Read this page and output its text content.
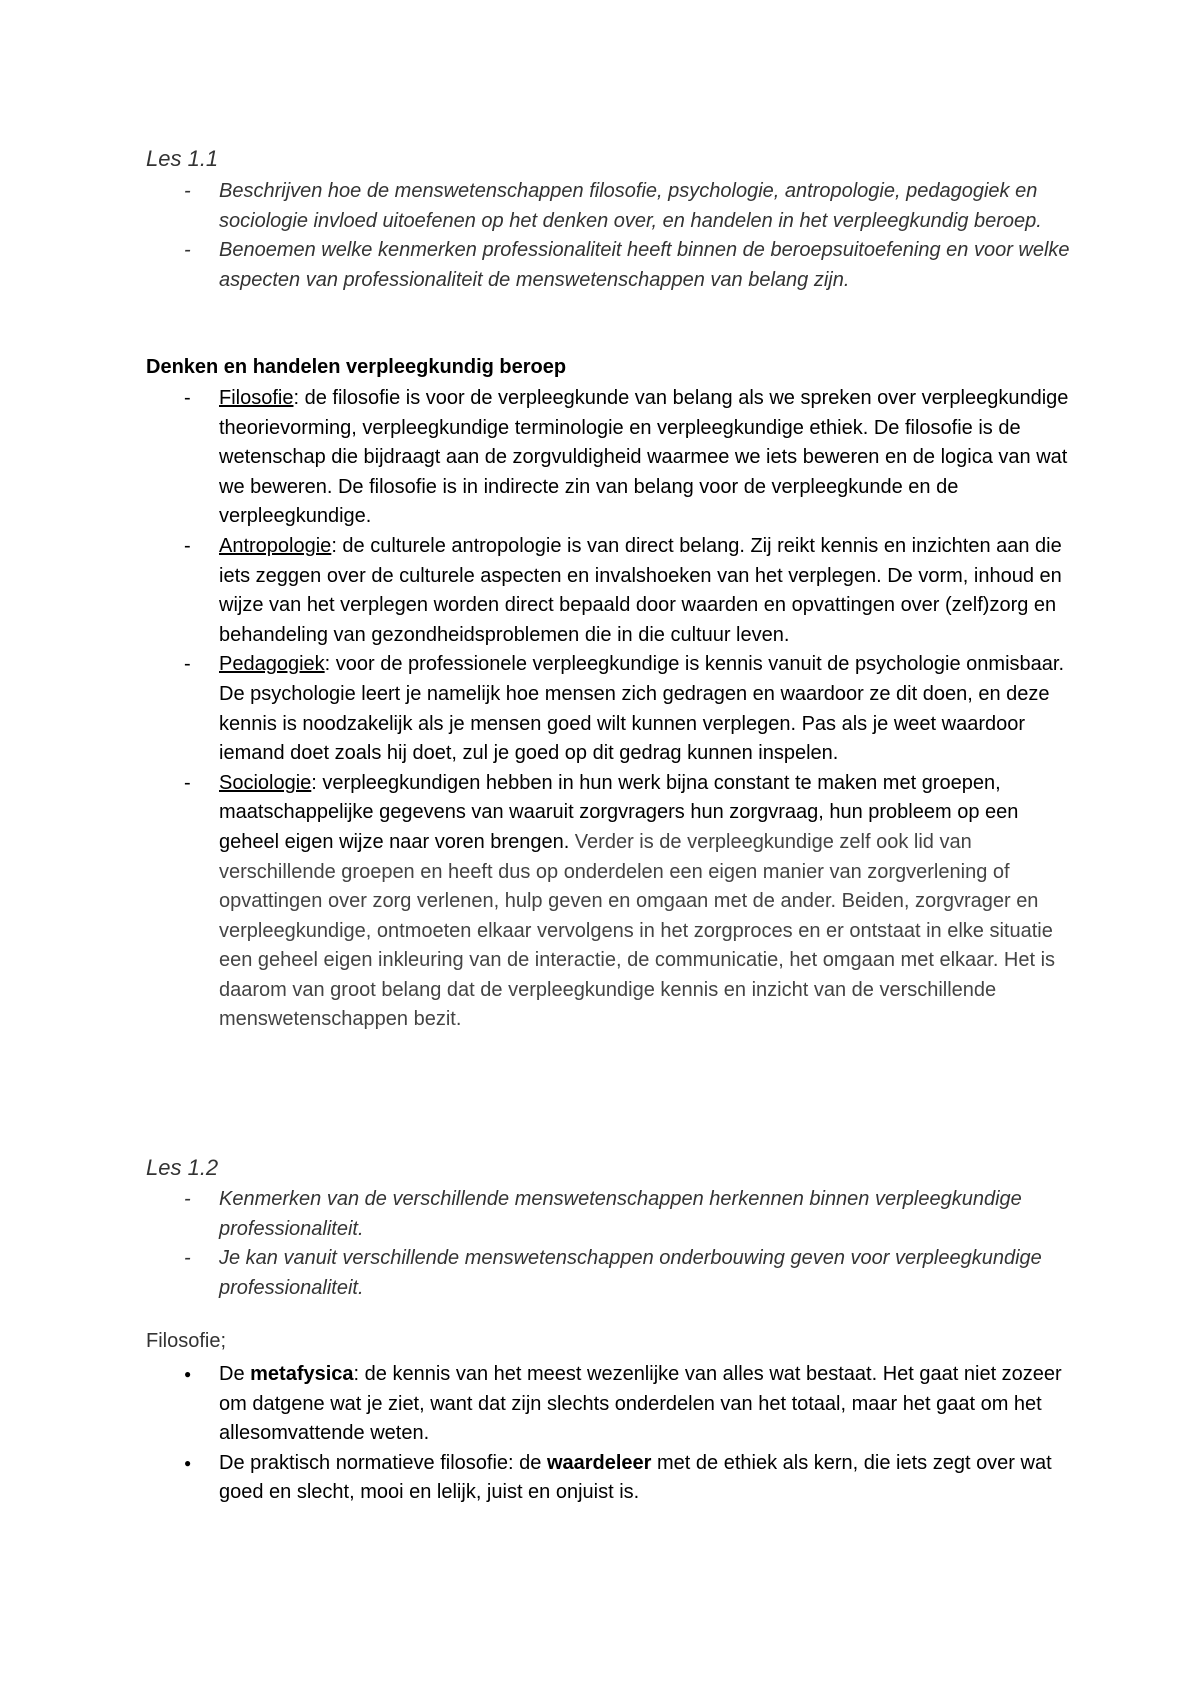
Les 1.1
-
Beschrijven hoe de menswetenschappen filosofie, psychologie, antropologie, pedagogiek en sociologie invloed uitoefenen op het denken over, en handelen in het verpleegkundig beroep.
-
Benoemen welke kenmerken professionaliteit heeft binnen de beroepsuitoefening en voor welke aspecten van professionaliteit de menswetenschappen van belang zijn.
Denken en handelen verpleegkundig beroep
-
Filosofie: de filosofie is voor de verpleegkunde van belang als we spreken over verpleegkundige theorievorming, verpleegkundige terminologie en verpleegkundige ethiek. De filosofie is de wetenschap die bijdraagt aan de zorgvuldigheid waarmee we iets beweren en de logica van wat we beweren. De filosofie is in indirecte zin van belang voor de verpleegkunde en de verpleegkundige.
-
Antropologie: de culturele antropologie is van direct belang. Zij reikt kennis en inzichten aan die iets zeggen over de culturele aspecten en invalshoeken van het verplegen. De vorm, inhoud en wijze van het verplegen worden direct bepaald door waarden en opvattingen over (zelf)zorg en behandeling van gezondheidsproblemen die in die cultuur leven.
-
Pedagogiek: voor de professionele verpleegkundige is kennis vanuit de psychologie onmisbaar. De psychologie leert je namelijk hoe mensen zich gedragen en waardoor ze dit doen, en deze kennis is noodzakelijk als je mensen goed wilt kunnen verplegen. Pas als je weet waardoor iemand doet zoals hij doet, zul je goed op dit gedrag kunnen inspelen.
-
Sociologie: verpleegkundigen hebben in hun werk bijna constant te maken met groepen, maatschappelijke gegevens van waaruit zorgvragers hun zorgvraag, hun probleem op een geheel eigen wijze naar voren brengen. Verder is de verpleegkundige zelf ook lid van verschillende groepen en heeft dus op onderdelen een eigen manier van zorgverlening of opvattingen over zorg verlenen, hulp geven en omgaan met de ander. Beiden, zorgvrager en verpleegkundige, ontmoeten elkaar vervolgens in het zorgproces en er ontstaat in elke situatie een geheel eigen inkleuring van de interactie, de communicatie, het omgaan met elkaar. Het is daarom van groot belang dat de verpleegkundige kennis en inzicht van de verschillende menswetenschappen bezit.
Les 1.2
-
Kenmerken van de verschillende menswetenschappen herkennen binnen verpleegkundige professionaliteit.
-
Je kan vanuit verschillende menswetenschappen onderbouwing geven voor verpleegkundige professionaliteit.
Filosofie;
●
De metafysica: de kennis van het meest wezenlijke van alles wat bestaat. Het gaat niet zozeer om datgene wat je ziet, want dat zijn slechts onderdelen van het totaal, maar het gaat om het allesomvattende weten.
●
De praktisch normatieve filosofie: de waardeleer met de ethiek als kern, die iets zegt over wat goed en slecht, mooi en lelijk, juist en onjuist is.
